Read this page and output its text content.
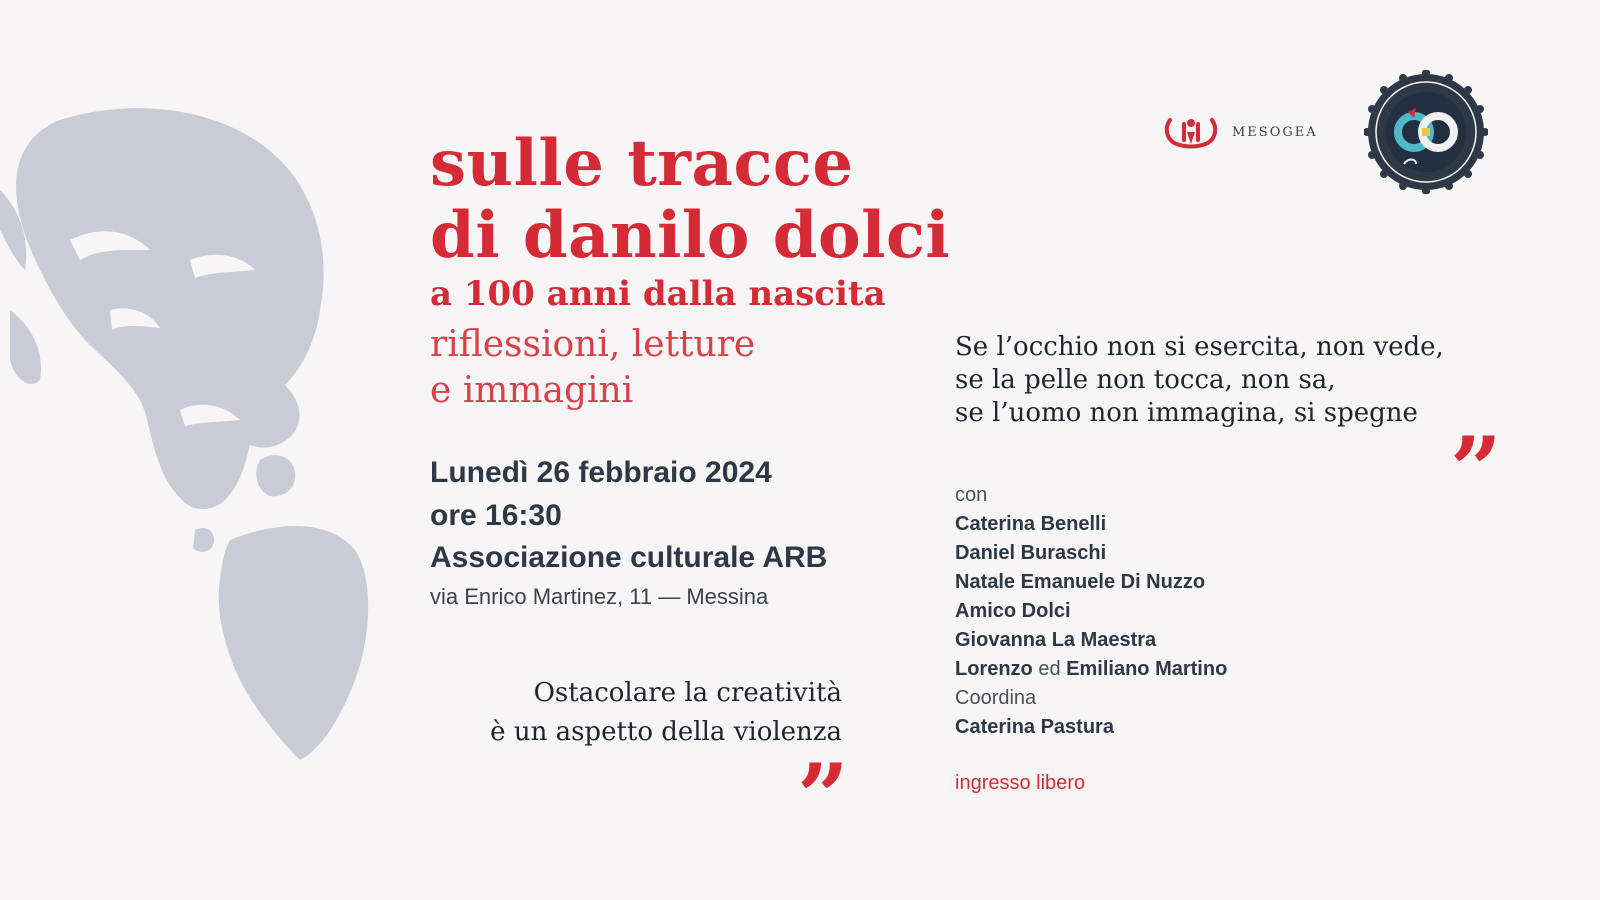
sulle tracce
di danilo dolci
a 100 anni dalla nascita
riflessioni, letture
e immagini
Lunedì 26 febbraio 2024
ore 16:30
Associazione culturale ARB
via Enrico Martinez, 11 — Messina
Ostacolare la creatività
è un aspetto della violenza
”
Se l’occhio non si esercita, non vede,
se la pelle non tocca, non sa,
se l’uomo non immagina, si spegne
”
con
Caterina Benelli
Daniel Buraschi
Natale Emanuele Di Nuzzo
Amico Dolci
Giovanna La Maestra
Lorenzo ed Emiliano Martino
Coordina
Caterina Pastura
ingresso libero
MESOGEA
